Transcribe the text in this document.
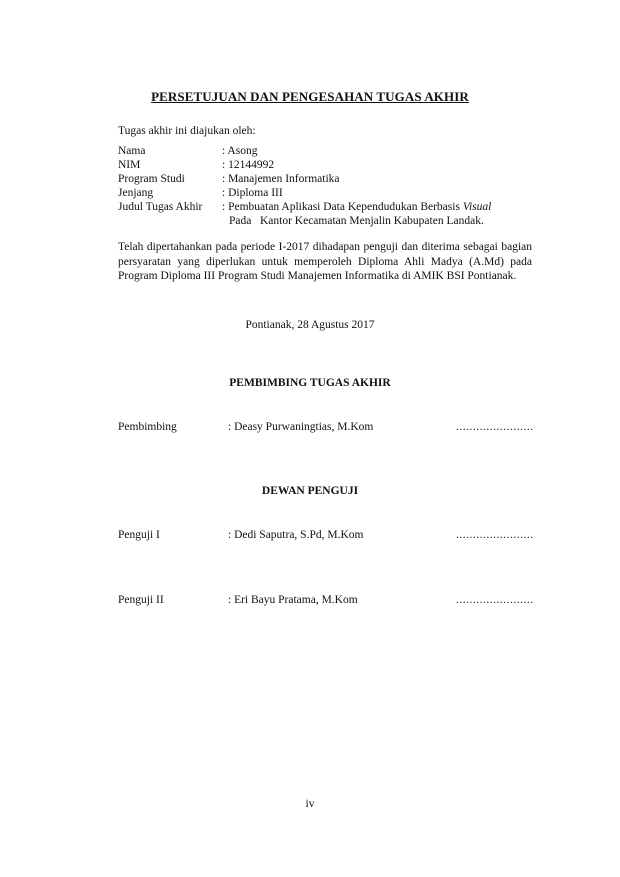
PERSETUJUAN DAN PENGESAHAN TUGAS AKHIR
Tugas akhir ini diajukan oleh:
Nama	: Asong
NIM	: 12144992
Program Studi	: Manajemen Informatika
Jenjang	: Diploma III
Judul Tugas Akhir : Pembuatan Aplikasi Data Kependudukan Berbasis Visual
Pada   Kantor Kecamatan Menjalin Kabupaten Landak.
Telah dipertahankan pada periode I-2017 dihadapan penguji dan diterima sebagai bagian persyaratan yang diperlukan untuk memperoleh Diploma Ahli Madya (A.Md) pada Program Diploma III Program Studi Manajemen Informatika di AMIK BSI Pontianak.
Pontianak, 28 Agustus 2017
PEMBIMBING TUGAS AKHIR
Pembimbing	: Deasy Purwaningtias, M.Kom	.......................
DEWAN PENGUJI
Penguji I	: Dedi Saputra, S.Pd, M.Kom	.......................
Penguji II	: Eri Bayu Pratama, M.Kom	.......................
iv
